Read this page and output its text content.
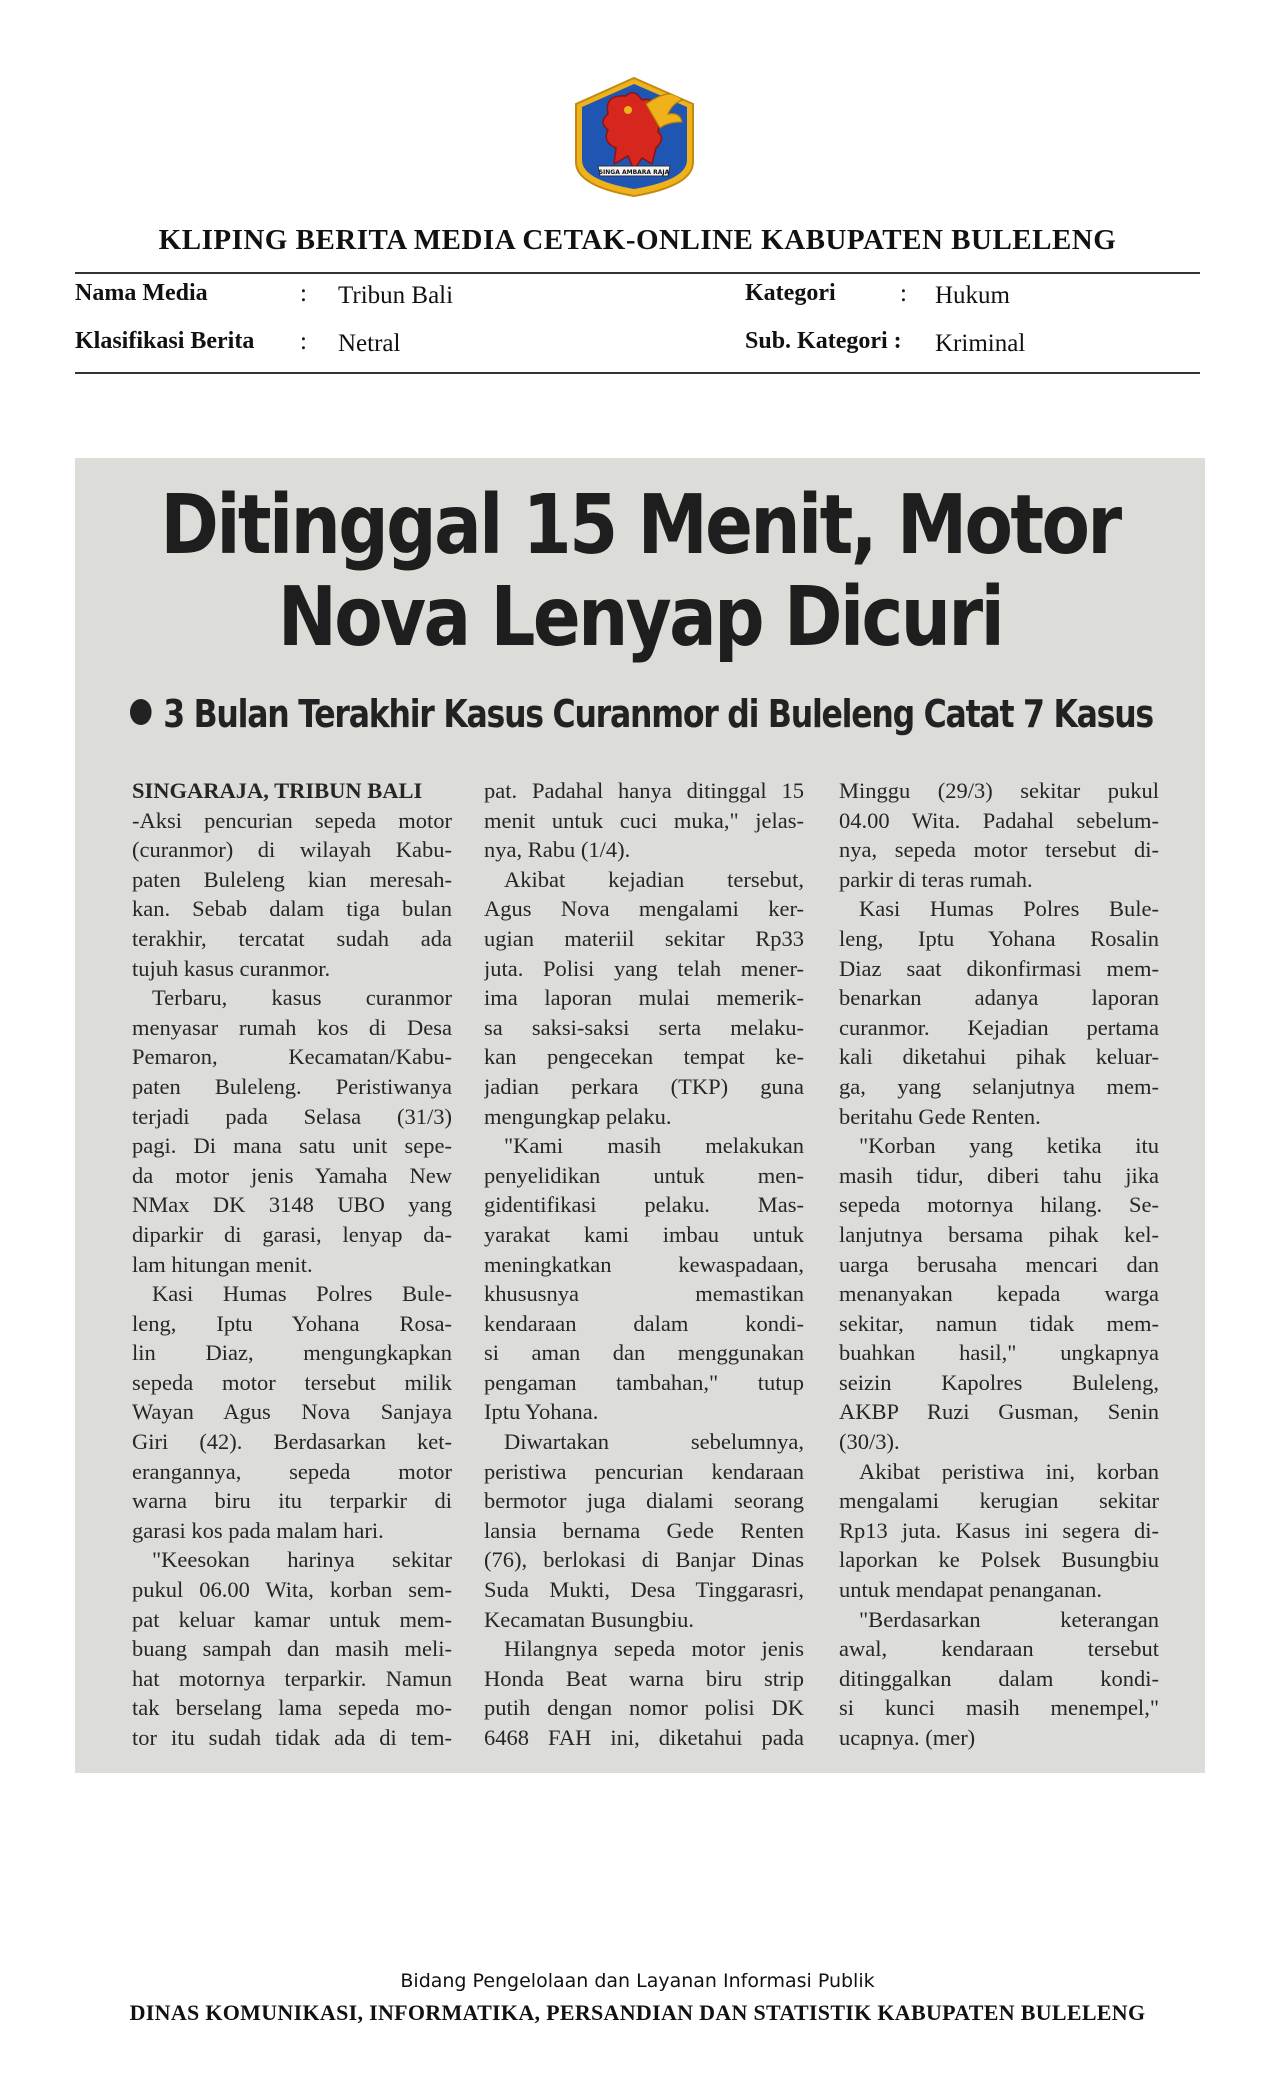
SINGA AMBARA RAJA
KLIPING BERITA MEDIA CETAK-ONLINE KABUPATEN BULELENG
Nama Media	: Tribun Bali	Kategori	: Hukum
Klasifikasi Berita : Netral	Sub. Kategori : Kriminal
Ditinggal 15 Menit, Motor
Nova Lenyap Dicuri
3 Bulan Terakhir Kasus Curanmor di Buleleng Catat 7 Kasus
SINGARAJA, TRIBUN BALI
-Aksi pencurian sepeda motor
(curanmor) di wilayah Kabu-
paten Buleleng kian meresah-
kan. Sebab dalam tiga bulan
terakhir, tercatat sudah ada
tujuh kasus curanmor.
Terbaru, kasus curanmor
menyasar rumah kos di Desa
Pemaron, Kecamatan/Kabu-
paten Buleleng. Peristiwanya
terjadi pada Selasa (31/3)
pagi. Di mana satu unit sepe-
da motor jenis Yamaha New
NMax DK 3148 UBO yang
diparkir di garasi, lenyap da-
lam hitungan menit.
Kasi Humas Polres Bule-
leng, Iptu Yohana Rosa-
lin Diaz, mengungkapkan
sepeda motor tersebut milik
Wayan Agus Nova Sanjaya
Giri (42). Berdasarkan ket-
erangannya, sepeda motor
warna biru itu terparkir di
garasi kos pada malam hari.
"Keesokan harinya sekitar
pukul 06.00 Wita, korban sem-
pat keluar kamar untuk mem-
buang sampah dan masih meli-
hat motornya terparkir. Namun
tak berselang lama sepeda mo-
tor itu sudah tidak ada di tem-
pat. Padahal hanya ditinggal 15
menit untuk cuci muka," jelas-
nya, Rabu (1/4).
Akibat kejadian tersebut,
Agus Nova mengalami ker-
ugian materiil sekitar Rp33
juta. Polisi yang telah mener-
ima laporan mulai memerik-
sa saksi-saksi serta melaku-
kan pengecekan tempat ke-
jadian perkara (TKP) guna
mengungkap pelaku.
"Kami masih melakukan
penyelidikan untuk men-
gidentifikasi pelaku. Mas-
yarakat kami imbau untuk
meningkatkan kewaspadaan,
khususnya memastikan
kendaraan dalam kondi-
si aman dan menggunakan
pengaman tambahan," tutup
Iptu Yohana.
Diwartakan sebelumnya,
peristiwa pencurian kendaraan
bermotor juga dialami seorang
lansia bernama Gede Renten
(76), berlokasi di Banjar Dinas
Suda Mukti, Desa Tinggarasri,
Kecamatan Busungbiu.
Hilangnya sepeda motor jenis
Honda Beat warna biru strip
putih dengan nomor polisi DK
6468 FAH ini, diketahui pada
Minggu (29/3) sekitar pukul
04.00 Wita. Padahal sebelum-
nya, sepeda motor tersebut di-
parkir di teras rumah.
Kasi Humas Polres Bule-
leng, Iptu Yohana Rosalin
Diaz saat dikonfirmasi mem-
benarkan adanya laporan
curanmor. Kejadian pertama
kali diketahui pihak keluar-
ga, yang selanjutnya mem-
beritahu Gede Renten.
"Korban yang ketika itu
masih tidur, diberi tahu jika
sepeda motornya hilang. Se-
lanjutnya bersama pihak kel-
uarga berusaha mencari dan
menanyakan kepada warga
sekitar, namun tidak mem-
buahkan hasil," ungkapnya
seizin Kapolres Buleleng,
AKBP Ruzi Gusman, Senin
(30/3).
Akibat peristiwa ini, korban
mengalami kerugian sekitar
Rp13 juta. Kasus ini segera di-
laporkan ke Polsek Busungbiu
untuk mendapat penanganan.
"Berdasarkan keterangan
awal, kendaraan tersebut
ditinggalkan dalam kondi-
si kunci masih menempel,"
ucapnya. (mer)
Bidang Pengelolaan dan Layanan Informasi Publik
DINAS KOMUNIKASI, INFORMATIKA, PERSANDIAN DAN STATISTIK KABUPATEN BULELENG
